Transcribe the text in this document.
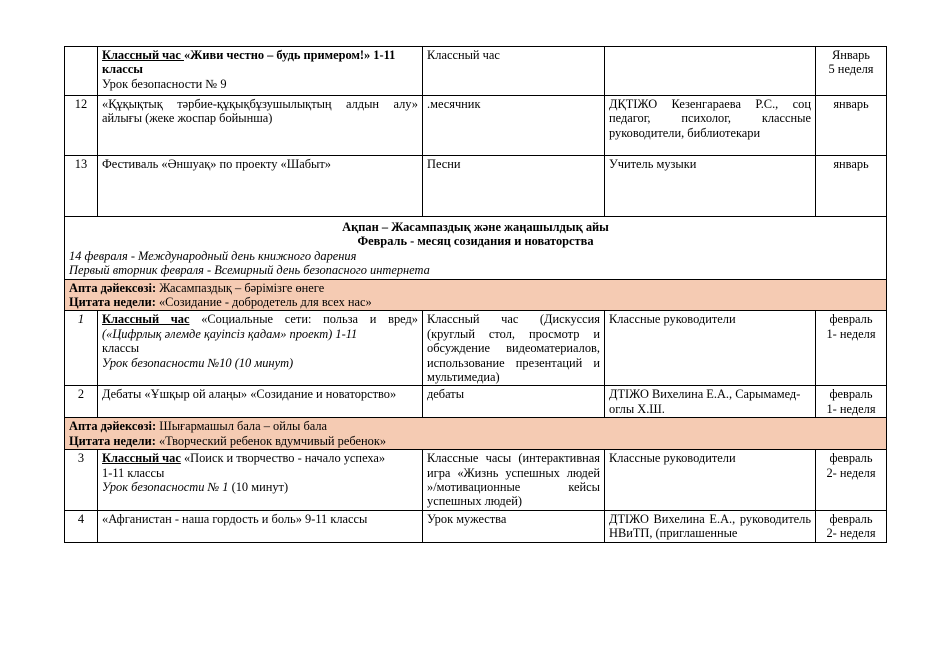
	Классный час «Живи честно – будь примером!» 1-11 классы
Урок безопасности № 9	Классный час		Январь
5 неделя
12	«Құқықтық тәрбие-құқықбұзушылықтың алдын алу» айлығы (жеке жоспар бойынша)	.месячник	ДҚТІЖО Кезенгараева Р.С., соц педагог, психолог, классные руководители, библиотекари	январь
13	Фестиваль «Әншуақ» по проекту «Шабыт»	Песни	Учитель музыки	январь

Ақпан – Жасампаздық және жаңашылдық айы
Февраль - месяц созидания и новаторства
14 февраля - Международный день книжного дарения
Первый вторник февраля - Всемирный день безопасного интернета				

Апта дәйексөзі: Жасампаздық – бәрімізге өнеге
Цитата недели: «Созидание - добродетель для всех нас»				
1	Классный час «Социальные сети: польза и вред» («Цифрлық әлемде қауіпсіз қадам» проект) 1-11
классы
Урок безопасности №10 (10 минут)	Классный час (Дискуссия (круглый стол, просмотр и обсуждение видеоматериалов, использование презентаций и мультимедиа)	Классные руководители	февраль
1- неделя
2	Дебаты «Ұшқыр ой алаңы» «Созидание и новаторство»	дебаты	ДТІЖО Вихелина Е.А., Сарымамед-оглы Х.Ш.	февраль
1- неделя
Апта дәйексөзі: Шығармашыл бала – ойлы бала
Цитата недели: «Творческий ребенок вдумчивый ребенок»				
3	Классный час «Поиск и творчество - начало успеха»
1-11 классы
Урок безопасности № 1 (10 минут)	Классные часы (интерактивная игра «Жизнь успешных людей »/мотивационные кейсы успешных людей)	Классные руководители	февраль
2- неделя
4	«Афганистан - наша гордость и боль» 9-11 классы	Урок мужества	ДТІЖО Вихелина Е.А., руководитель НВиТП, (приглашенные	февраль
2- неделя
